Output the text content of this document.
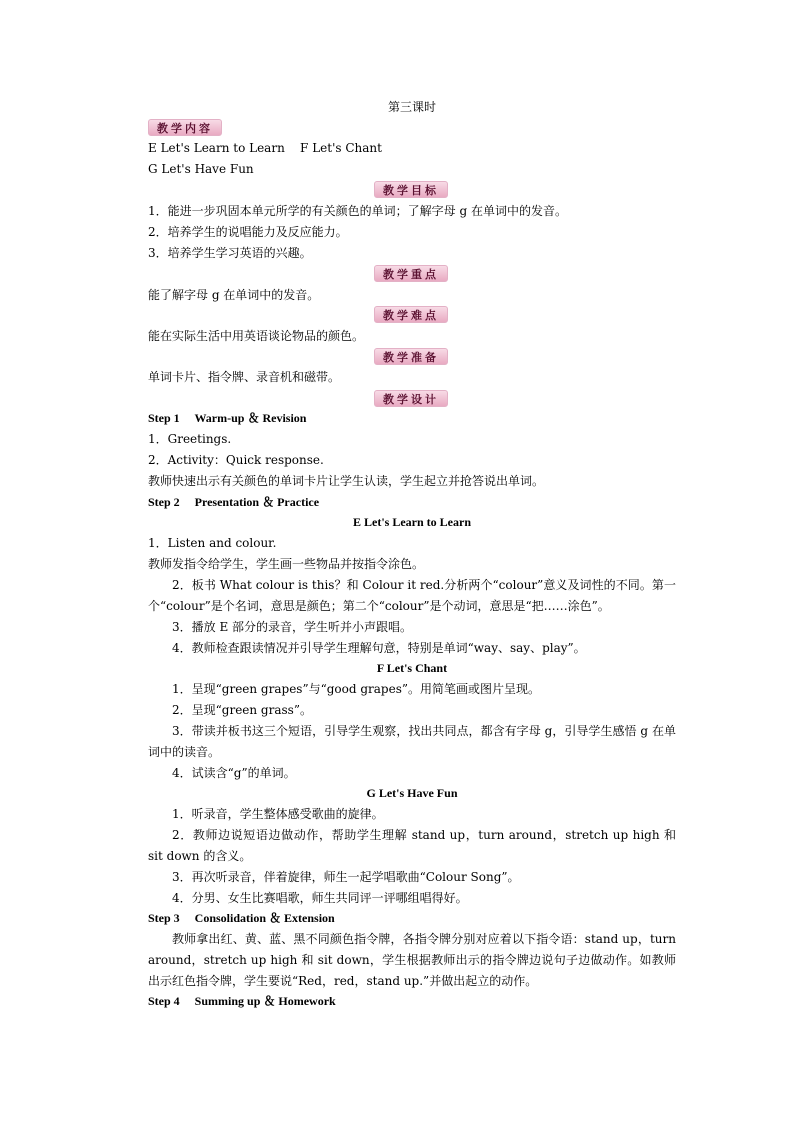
第三课时
教学内容
E Let's Learn to Learn    F Let's Chant
G Let's Have Fun
教学目标
1．能进一步巩固本单元所学的有关颜色的单词；了解字母 g 在单词中的发音。
2．培养学生的说唱能力及反应能力。
3．培养学生学习英语的兴趣。
教学重点
能了解字母 g 在单词中的发音。
教学难点
能在实际生活中用英语谈论物品的颜色。
教学准备
单词卡片、指令牌、录音机和磁带。
教学设计
Step 1　 Warm-up ＆ Revision
1．Greetings.
2．Activity：Quick response.
教师快速出示有关颜色的单词卡片让学生认读，学生起立并抢答说出单词。
Step 2　 Presentation ＆ Practice
E Let's Learn to Learn
1．Listen and colour.
教师发指令给学生，学生画一些物品并按指令涂色。
2．板书 What colour is this？和 Colour it red.分析两个“colour”意义及词性的不同。第一个“colour”是个名词，意思是颜色；第二个“colour”是个动词，意思是“把……涂色”。
3．播放 E 部分的录音，学生听并小声跟唱。
4．教师检查跟读情况并引导学生理解句意，特别是单词“way、say、play”。
F Let's Chant
1．呈现“green grapes”与“good grapes”。用简笔画或图片呈现。
2．呈现“green grass”。
3．带读并板书这三个短语，引导学生观察，找出共同点，都含有字母 g，引导学生感悟 g 在单词中的读音。
4．试读含“g”的单词。
G Let's Have Fun
1．听录音，学生整体感受歌曲的旋律。
2．教师边说短语边做动作，帮助学生理解 stand up，turn around，stretch up high 和 sit down 的含义。
3．再次听录音，伴着旋律，师生一起学唱歌曲“Colour Song”。
4．分男、女生比赛唱歌，师生共同评一评哪组唱得好。
Step 3　 Consolidation ＆ Extension
教师拿出红、黄、蓝、黑不同颜色指令牌，各指令牌分别对应着以下指令语：stand up，turn around，stretch up high 和 sit down，学生根据教师出示的指令牌边说句子边做动作。如教师出示红色指令牌，学生要说“Red，red，stand up.”并做出起立的动作。
Step 4　 Summing up ＆ Homework
